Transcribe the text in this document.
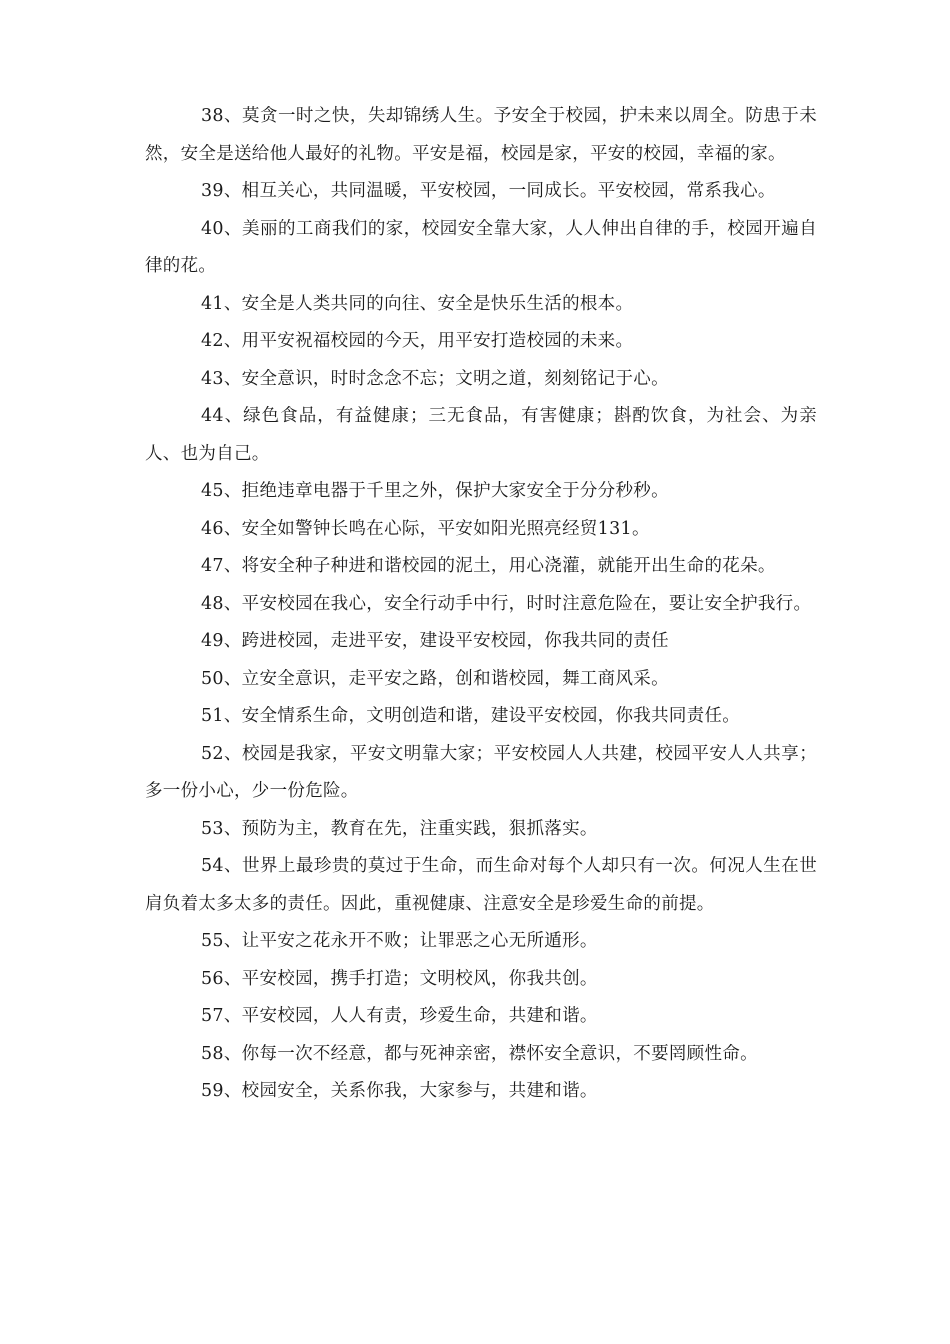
38、莫贪一时之快，失却锦绣人生。予安全于校园，护未来以周全。防患于未然，安全是送给他人最好的礼物。平安是福，校园是家，平安的校园，幸福的家。

39、相互关心，共同温暖，平安校园，一同成长。平安校园，常系我心。

40、美丽的工商我们的家，校园安全靠大家，人人伸出自律的手，校园开遍自律的花。

41、安全是人类共同的向往、安全是快乐生活的根本。

42、用平安祝福校园的今天，用平安打造校园的未来。

43、安全意识，时时念念不忘；文明之道，刻刻铭记于心。

44、绿色食品，有益健康；三无食品，有害健康；斟酌饮食，为社会、为亲人、也为自己。

45、拒绝违章电器于千里之外，保护大家安全于分分秒秒。

46、安全如警钟长鸣在心际，平安如阳光照亮经贸131。

47、将安全种子种进和谐校园的泥土，用心浇灌，就能开出生命的花朵。

48、平安校园在我心，安全行动手中行，时时注意危险在，要让安全护我行。

49、跨进校园，走进平安，建设平安校园，你我共同的责任

50、立安全意识，走平安之路，创和谐校园，舞工商风采。

51、安全情系生命，文明创造和谐，建设平安校园，你我共同责任。

52、校园是我家，平安文明靠大家；平安校园人人共建，校园平安人人共享；多一份小心，少一份危险。

53、预防为主，教育在先，注重实践，狠抓落实。

54、世界上最珍贵的莫过于生命，而生命对每个人却只有一次。何况人生在世肩负着太多太多的责任。因此，重视健康、注意安全是珍爱生命的前提。

55、让平安之花永开不败；让罪恶之心无所遁形。

56、平安校园，携手打造；文明校风，你我共创。

57、平安校园，人人有责，珍爱生命，共建和谐。

58、你每一次不经意，都与死神亲密，襟怀安全意识，不要罔顾性命。

59、校园安全，关系你我，大家参与，共建和谐。
